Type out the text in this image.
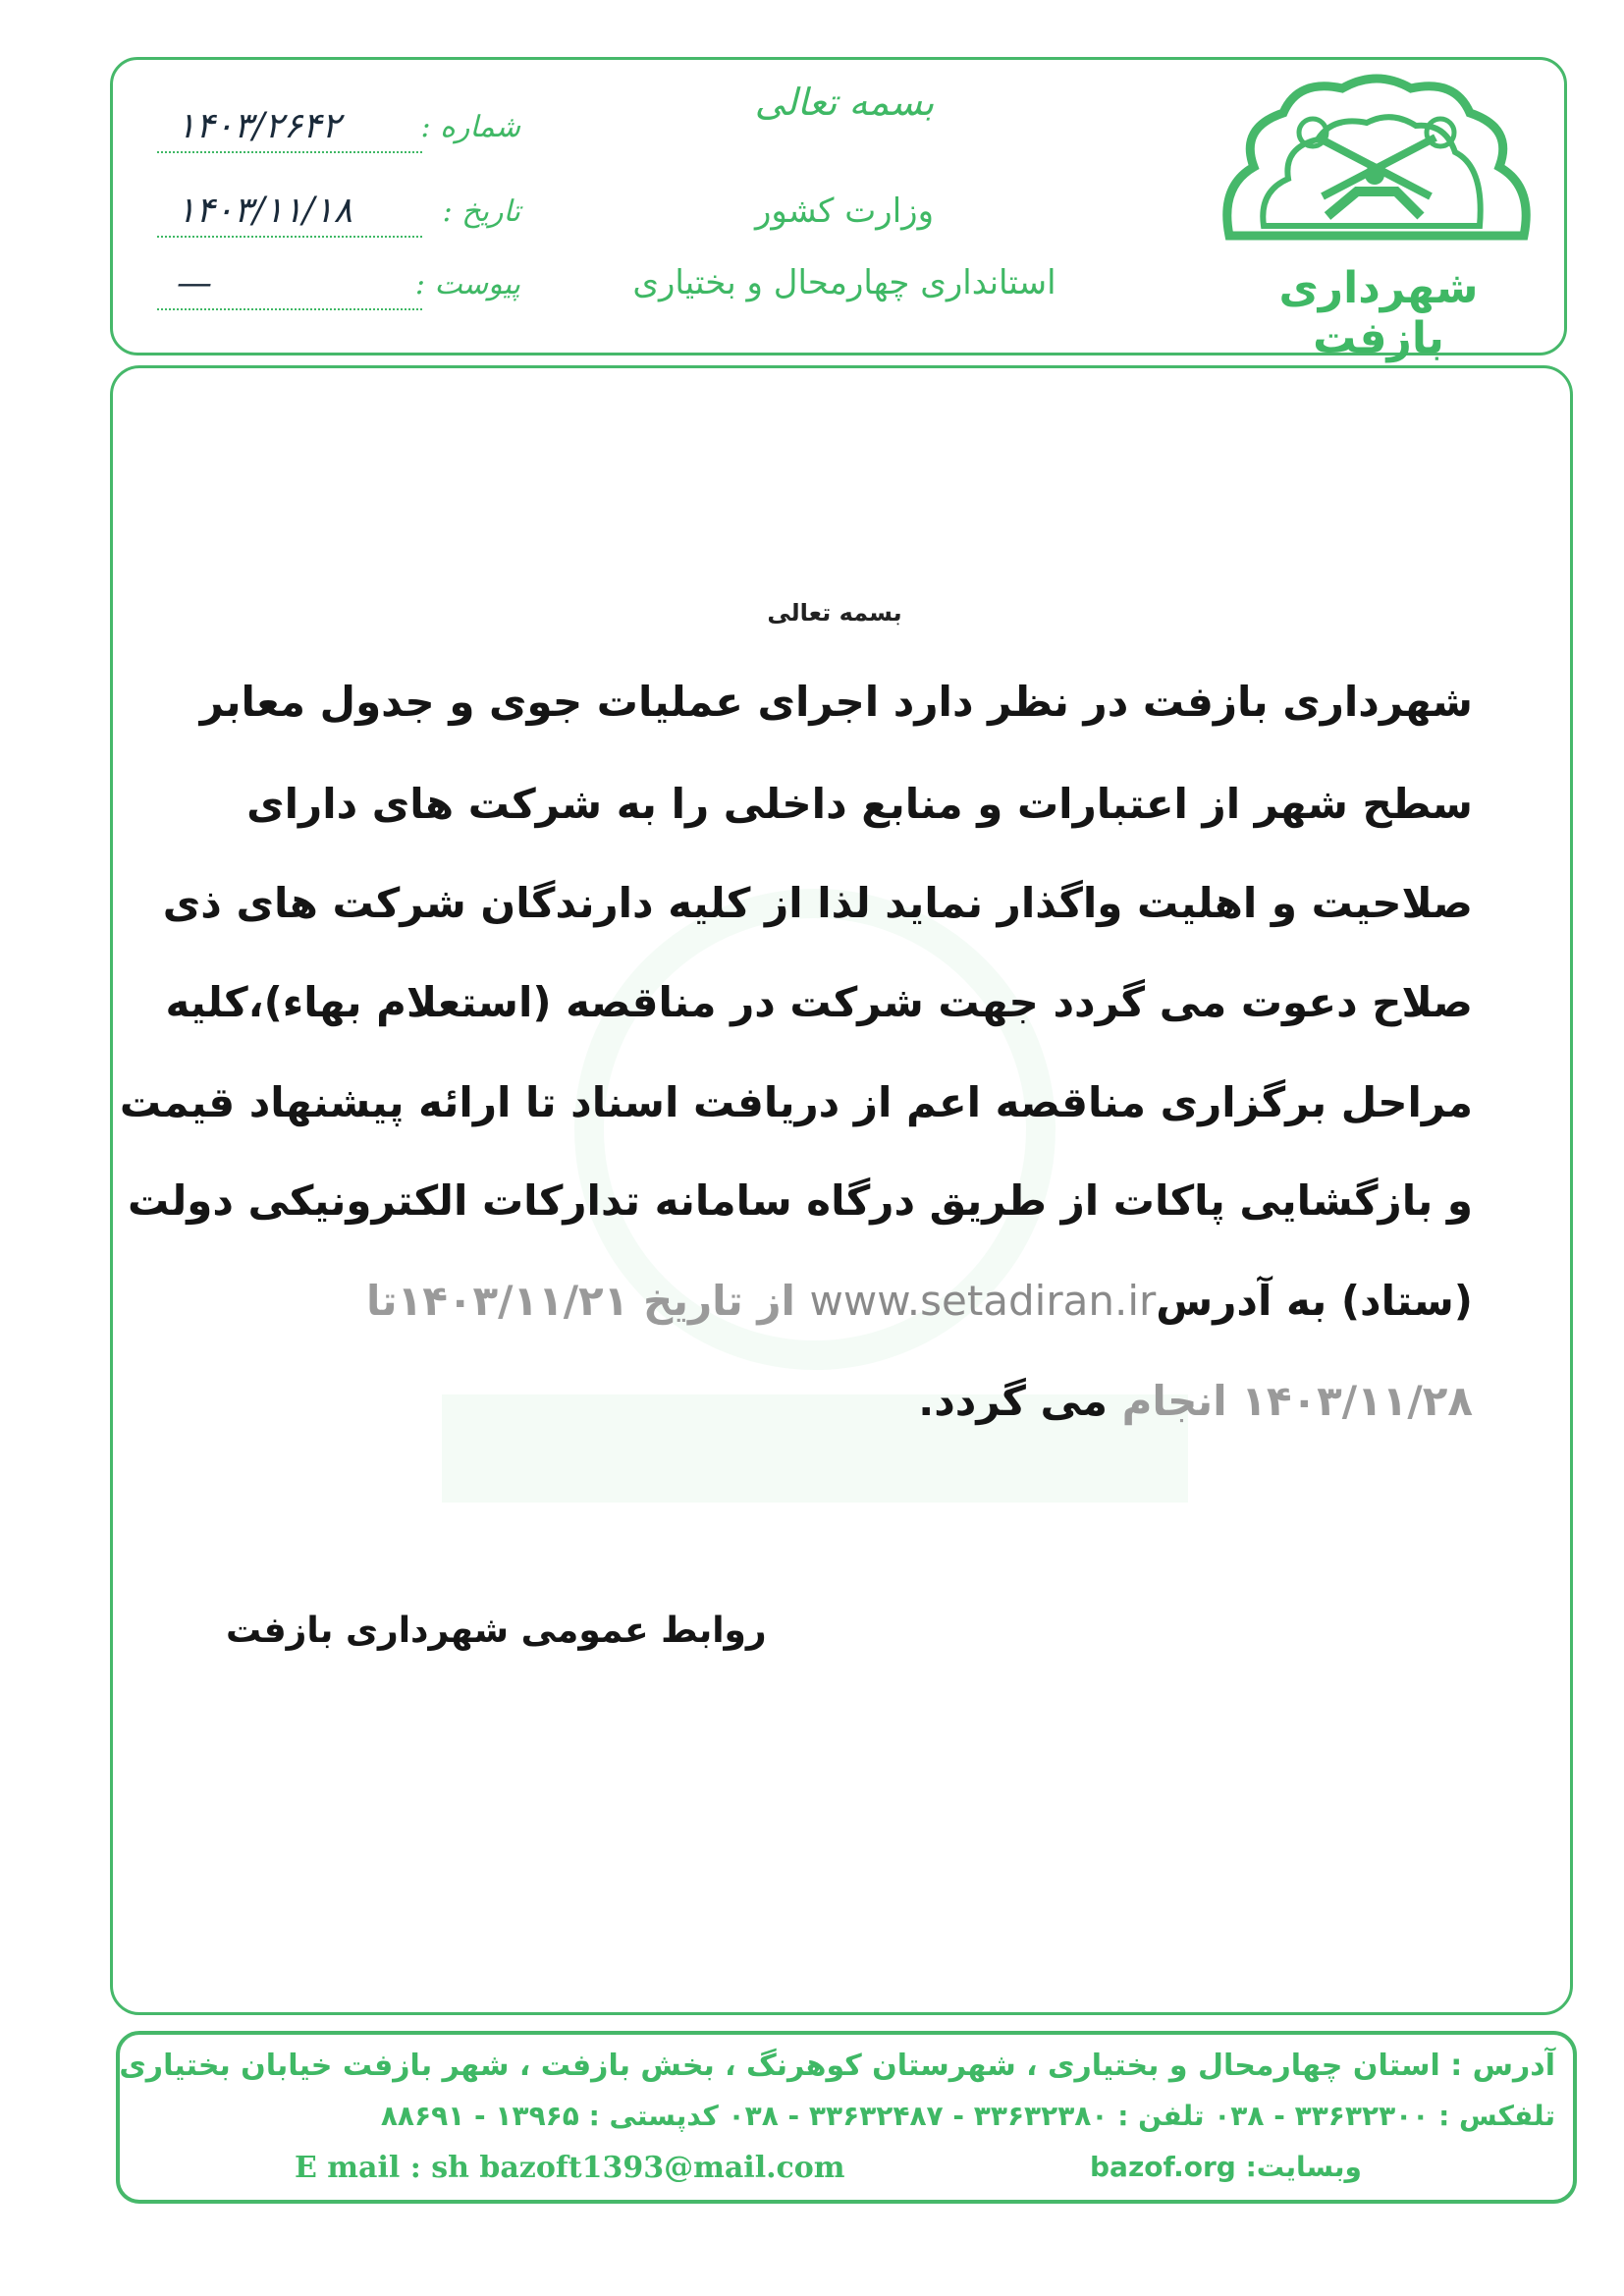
شهرداری بازفت
بسمه تعالی
وزارت کشور
استانداری چهارمحال و بختیاری
شماره :
۱۴۰۳/۲۶۴۲
تاریخ :
۱۴۰۳/۱۱/۱۸
پیوست :
—
بسمه تعالی
شهرداری بازفت در نظر دارد اجرای عملیات جوی و جدول معابر
سطح شهر از اعتبارات و منابع داخلی را به شرکت های دارای
صلاحیت و اهلیت واگذار نماید لذا از کلیه دارندگان شرکت های ذی
صلاح دعوت می گردد جهت شرکت در مناقصه (استعلام بهاء)،کلیه
مراحل برگزاری مناقصه اعم از دریافت اسناد تا ارائه پیشنهاد قیمت
و بازگشایی پاکات از طریق درگاه سامانه تدارکات الکترونیکی دولت
(ستاد) به آدرسwww.setadiran.ir از تاریخ ۱۴۰۳/۱۱/۲۱تا
۱۴۰۳/۱۱/۲۸ انجام می گردد.
روابط عمومی شهرداری بازفت
آدرس : استان چهارمحال و بختیاری ، شهرستان کوهرنگ ، بخش بازفت ، شهر بازفت خیابان بختیاری
تلفکس : ۳۳۶۳۲۳۰۰ - ۰۳۸ تلفن : ۳۳۶۳۲۳۸۰ - ۳۳۶۳۲۴۸۷ - ۰۳۸ کدپستی : ۱۳۹۶۵ - ۸۸۶۹۱
وبسایت: bazof.org
E mail : sh bazoft1393@mail.com
